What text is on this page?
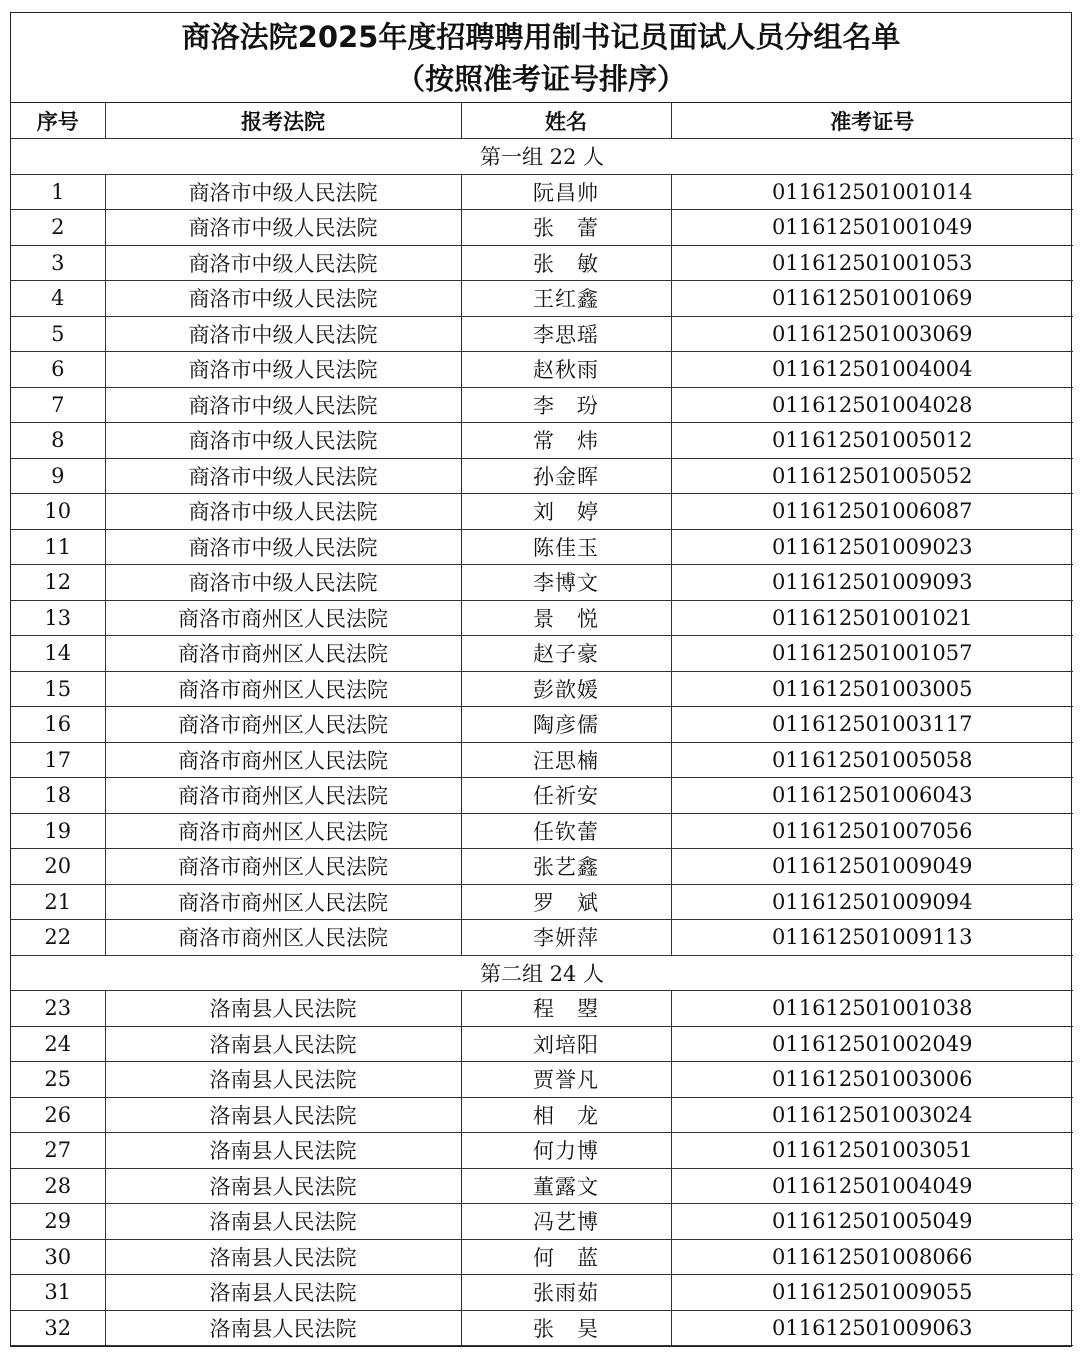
商洛法院2025年度招聘聘用制书记员面试人员分组名单
（按照准考证号排序）
序号	报考法院	姓名	准考证号
第一组 22 人			
1	商洛市中级人民法院	阮昌帅	011612501001014
2	商洛市中级人民法院	张　蕾	011612501001049
3	商洛市中级人民法院	张　敏	011612501001053
4	商洛市中级人民法院	王红鑫	011612501001069
5	商洛市中级人民法院	李思瑶	011612501003069
6	商洛市中级人民法院	赵秋雨	011612501004004
7	商洛市中级人民法院	李　玢	011612501004028
8	商洛市中级人民法院	常　炜	011612501005012
9	商洛市中级人民法院	孙金晖	011612501005052
10	商洛市中级人民法院	刘　婷	011612501006087
11	商洛市中级人民法院	陈佳玉	011612501009023
12	商洛市中级人民法院	李博文	011612501009093
13	商洛市商州区人民法院	景　悦	011612501001021
14	商洛市商州区人民法院	赵子豪	011612501001057
15	商洛市商州区人民法院	彭歆媛	011612501003005
16	商洛市商州区人民法院	陶彦儒	011612501003117
17	商洛市商州区人民法院	汪思楠	011612501005058
18	商洛市商州区人民法院	任祈安	011612501006043
19	商洛市商州区人民法院	任钦蕾	011612501007056
20	商洛市商州区人民法院	张艺鑫	011612501009049
21	商洛市商州区人民法院	罗　斌	011612501009094
22	商洛市商州区人民法院	李妍萍	011612501009113
第二组 24 人			
23	洛南县人民法院	程　曌	011612501001038
24	洛南县人民法院	刘培阳	011612501002049
25	洛南县人民法院	贾誉凡	011612501003006
26	洛南县人民法院	相　龙	011612501003024
27	洛南县人民法院	何力博	011612501003051
28	洛南县人民法院	董露文	011612501004049
29	洛南县人民法院	冯艺博	011612501005049
30	洛南县人民法院	何　蓝	011612501008066
31	洛南县人民法院	张雨茹	011612501009055
32	洛南县人民法院	张　昊	011612501009063
